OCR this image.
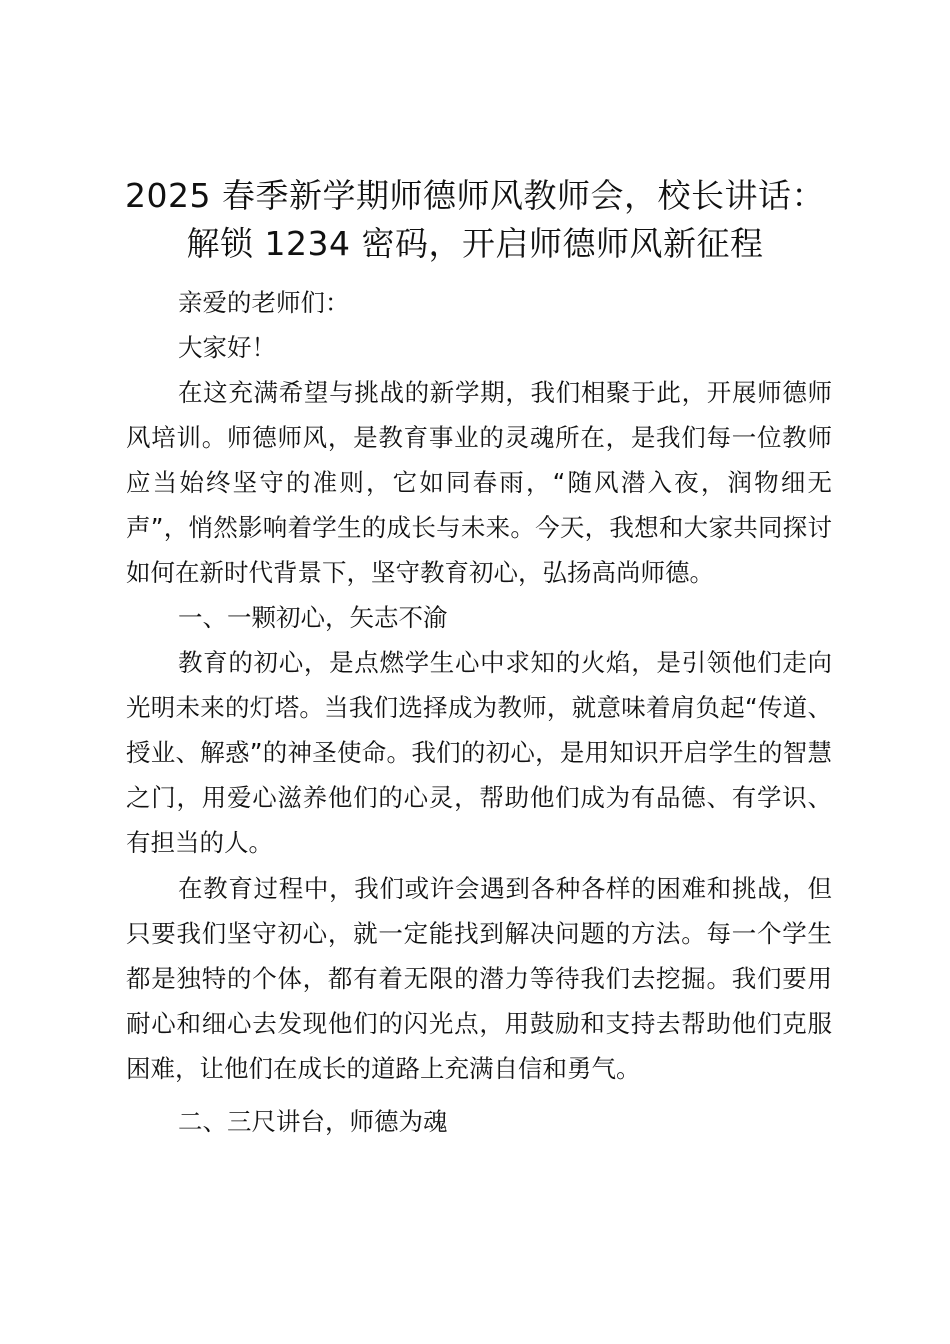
2025 春季新学期师德师风教师会，校长讲话：
解锁 1234 密码，开启师德师风新征程

亲爱的老师们：

大家好！

在这充满希望与挑战的新学期，我们相聚于此，开展师德师风培训。师德师风，是教育事业的灵魂所在，是我们每一位教师应当始终坚守的准则，它如同春雨，“随风潜入夜，润物细无声”，悄然影响着学生的成长与未来。今天，我想和大家共同探讨如何在新时代背景下，坚守教育初心，弘扬高尚师德。

一、一颗初心，矢志不渝

教育的初心，是点燃学生心中求知的火焰，是引领他们走向光明未来的灯塔。当我们选择成为教师，就意味着肩负起“传道、授业、解惑”的神圣使命。我们的初心，是用知识开启学生的智慧之门，用爱心滋养他们的心灵，帮助他们成为有品德、有学识、有担当的人。

在教育过程中，我们或许会遇到各种各样的困难和挑战，但只要我们坚守初心，就一定能找到解决问题的方法。每一个学生都是独特的个体，都有着无限的潜力等待我们去挖掘。我们要用耐心和细心去发现他们的闪光点，用鼓励和支持去帮助他们克服困难，让他们在成长的道路上充满自信和勇气。

二、三尺讲台，师德为魂
